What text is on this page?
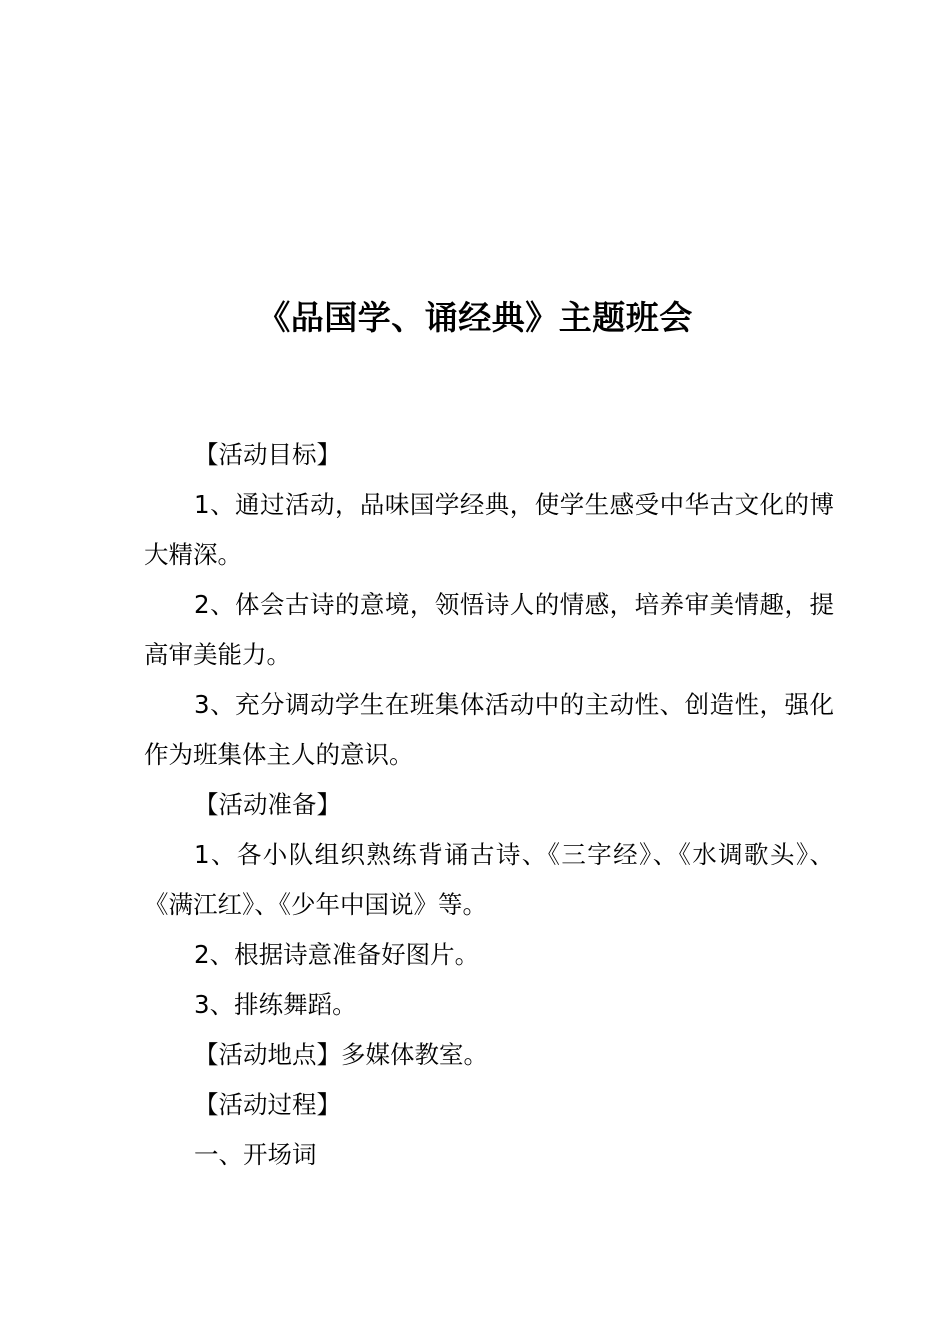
《品国学、诵经典》主题班会

【活动目标】

1、通过活动，品味国学经典，使学生感受中华古文化的博大精深。

2、体会古诗的意境，领悟诗人的情感，培养审美情趣，提高审美能力。

3、充分调动学生在班集体活动中的主动性、创造性，强化作为班集体主人的意识。

【活动准备】

1、各小队组织熟练背诵古诗、《三字经》、《水调歌头》、《满江红》、《少年中国说》等。

2、根据诗意准备好图片。

3、排练舞蹈。

【活动地点】多媒体教室。

【活动过程】

一、开场词
